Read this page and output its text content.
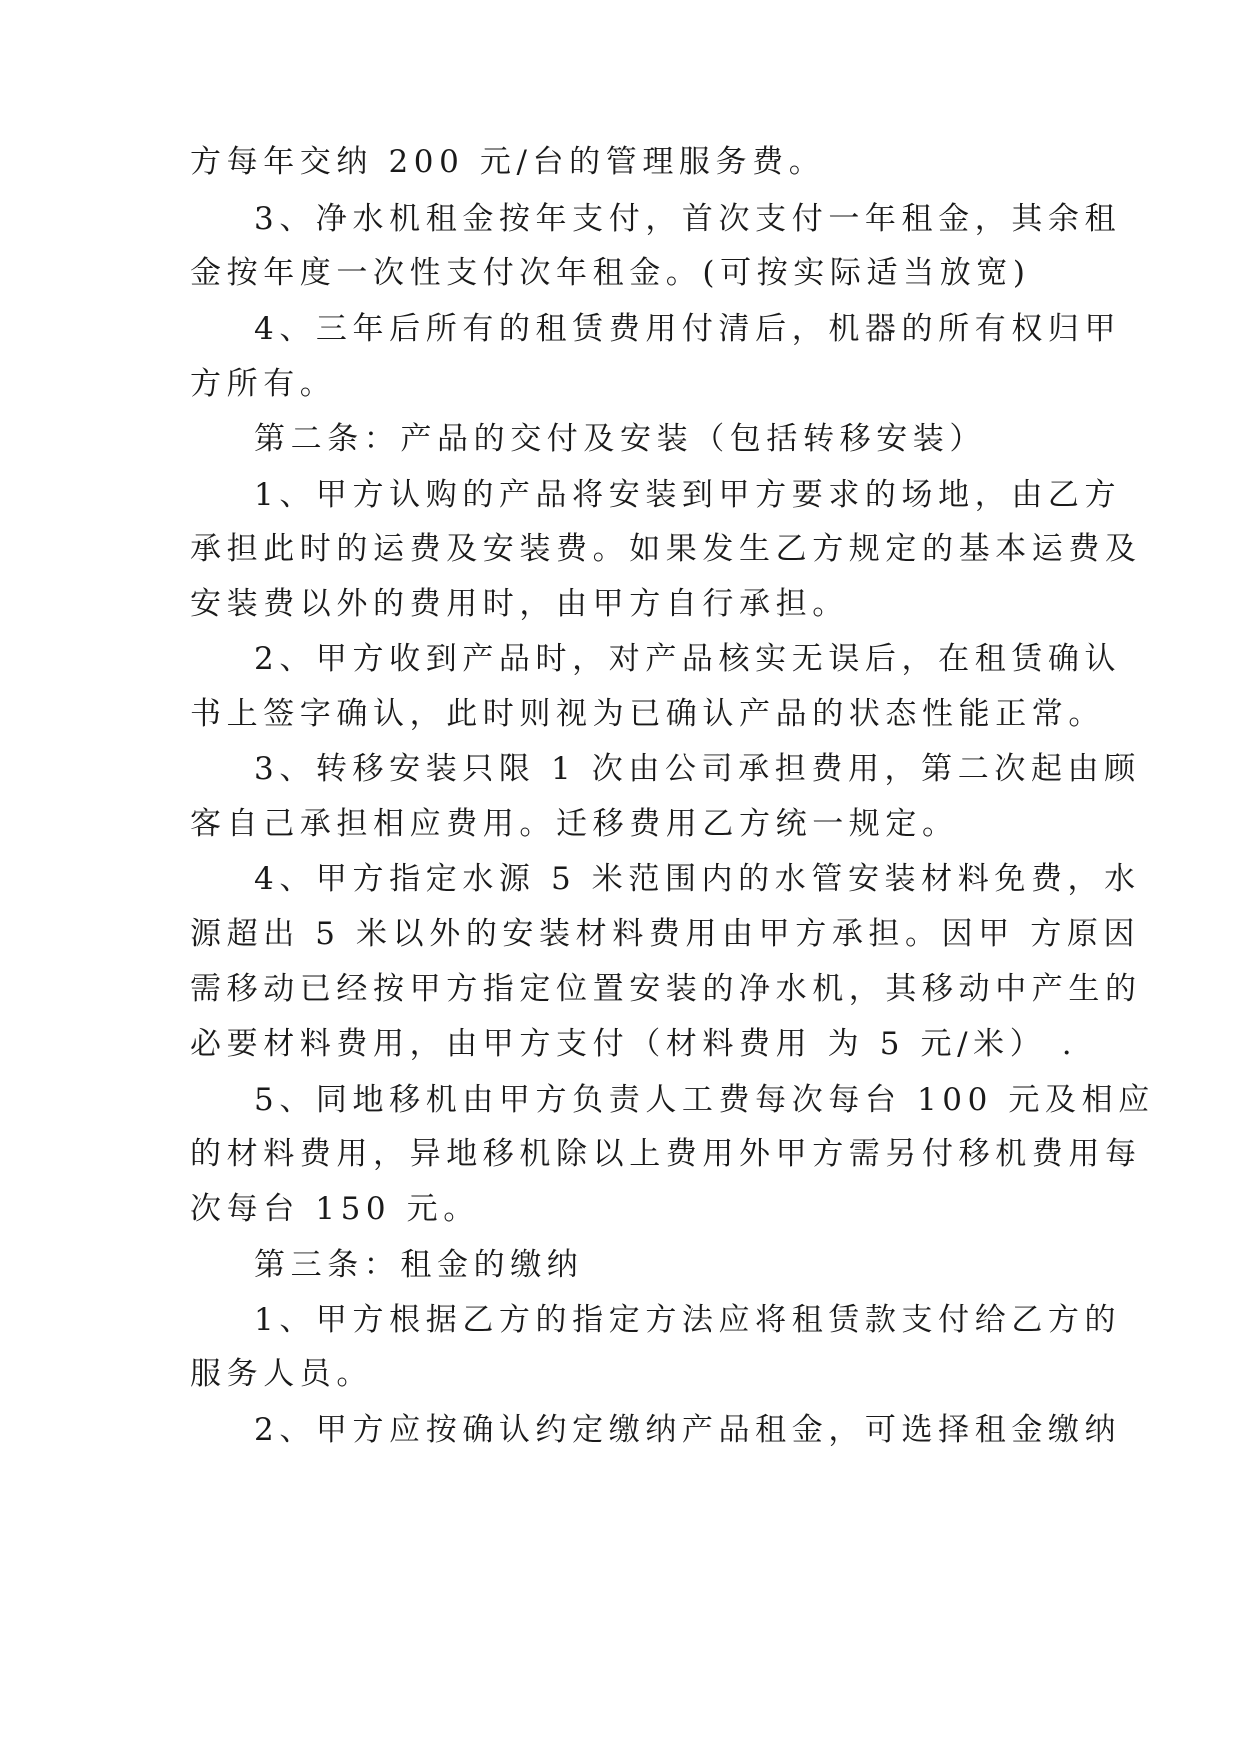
方每年交纳 200 元/台的管理服务费。
3、净水机租金按年支付，首次支付一年租金，其余租
金按年度一次性支付次年租金。(可按实际适当放宽)
4、三年后所有的租赁费用付清后，机器的所有权归甲
方所有。
第二条：产品的交付及安装（包括转移安装）
1、甲方认购的产品将安装到甲方要求的场地，由乙方
承担此时的运费及安装费。如果发生乙方规定的基本运费及
安装费以外的费用时，由甲方自行承担。
2、甲方收到产品时，对产品核实无误后，在租赁确认
书上签字确认，此时则视为已确认产品的状态性能正常。
3、转移安装只限 1 次由公司承担费用，第二次起由顾
客自己承担相应费用。迁移费用乙方统一规定。
4、甲方指定水源 5 米范围内的水管安装材料免费，水
源超出 5 米以外的安装材料费用由甲方承担。因甲 方原因
需移动已经按甲方指定位置安装的净水机，其移动中产生的
必要材料费用，由甲方支付（材料费用 为 5 元/米） .
5、同地移机由甲方负责人工费每次每台 100 元及相应
的材料费用，异地移机除以上费用外甲方需另付移机费用每
次每台 150 元。
第三条：租金的缴纳
1、甲方根据乙方的指定方法应将租赁款支付给乙方的
服务人员。
2、甲方应按确认约定缴纳产品租金，可选择租金缴纳
